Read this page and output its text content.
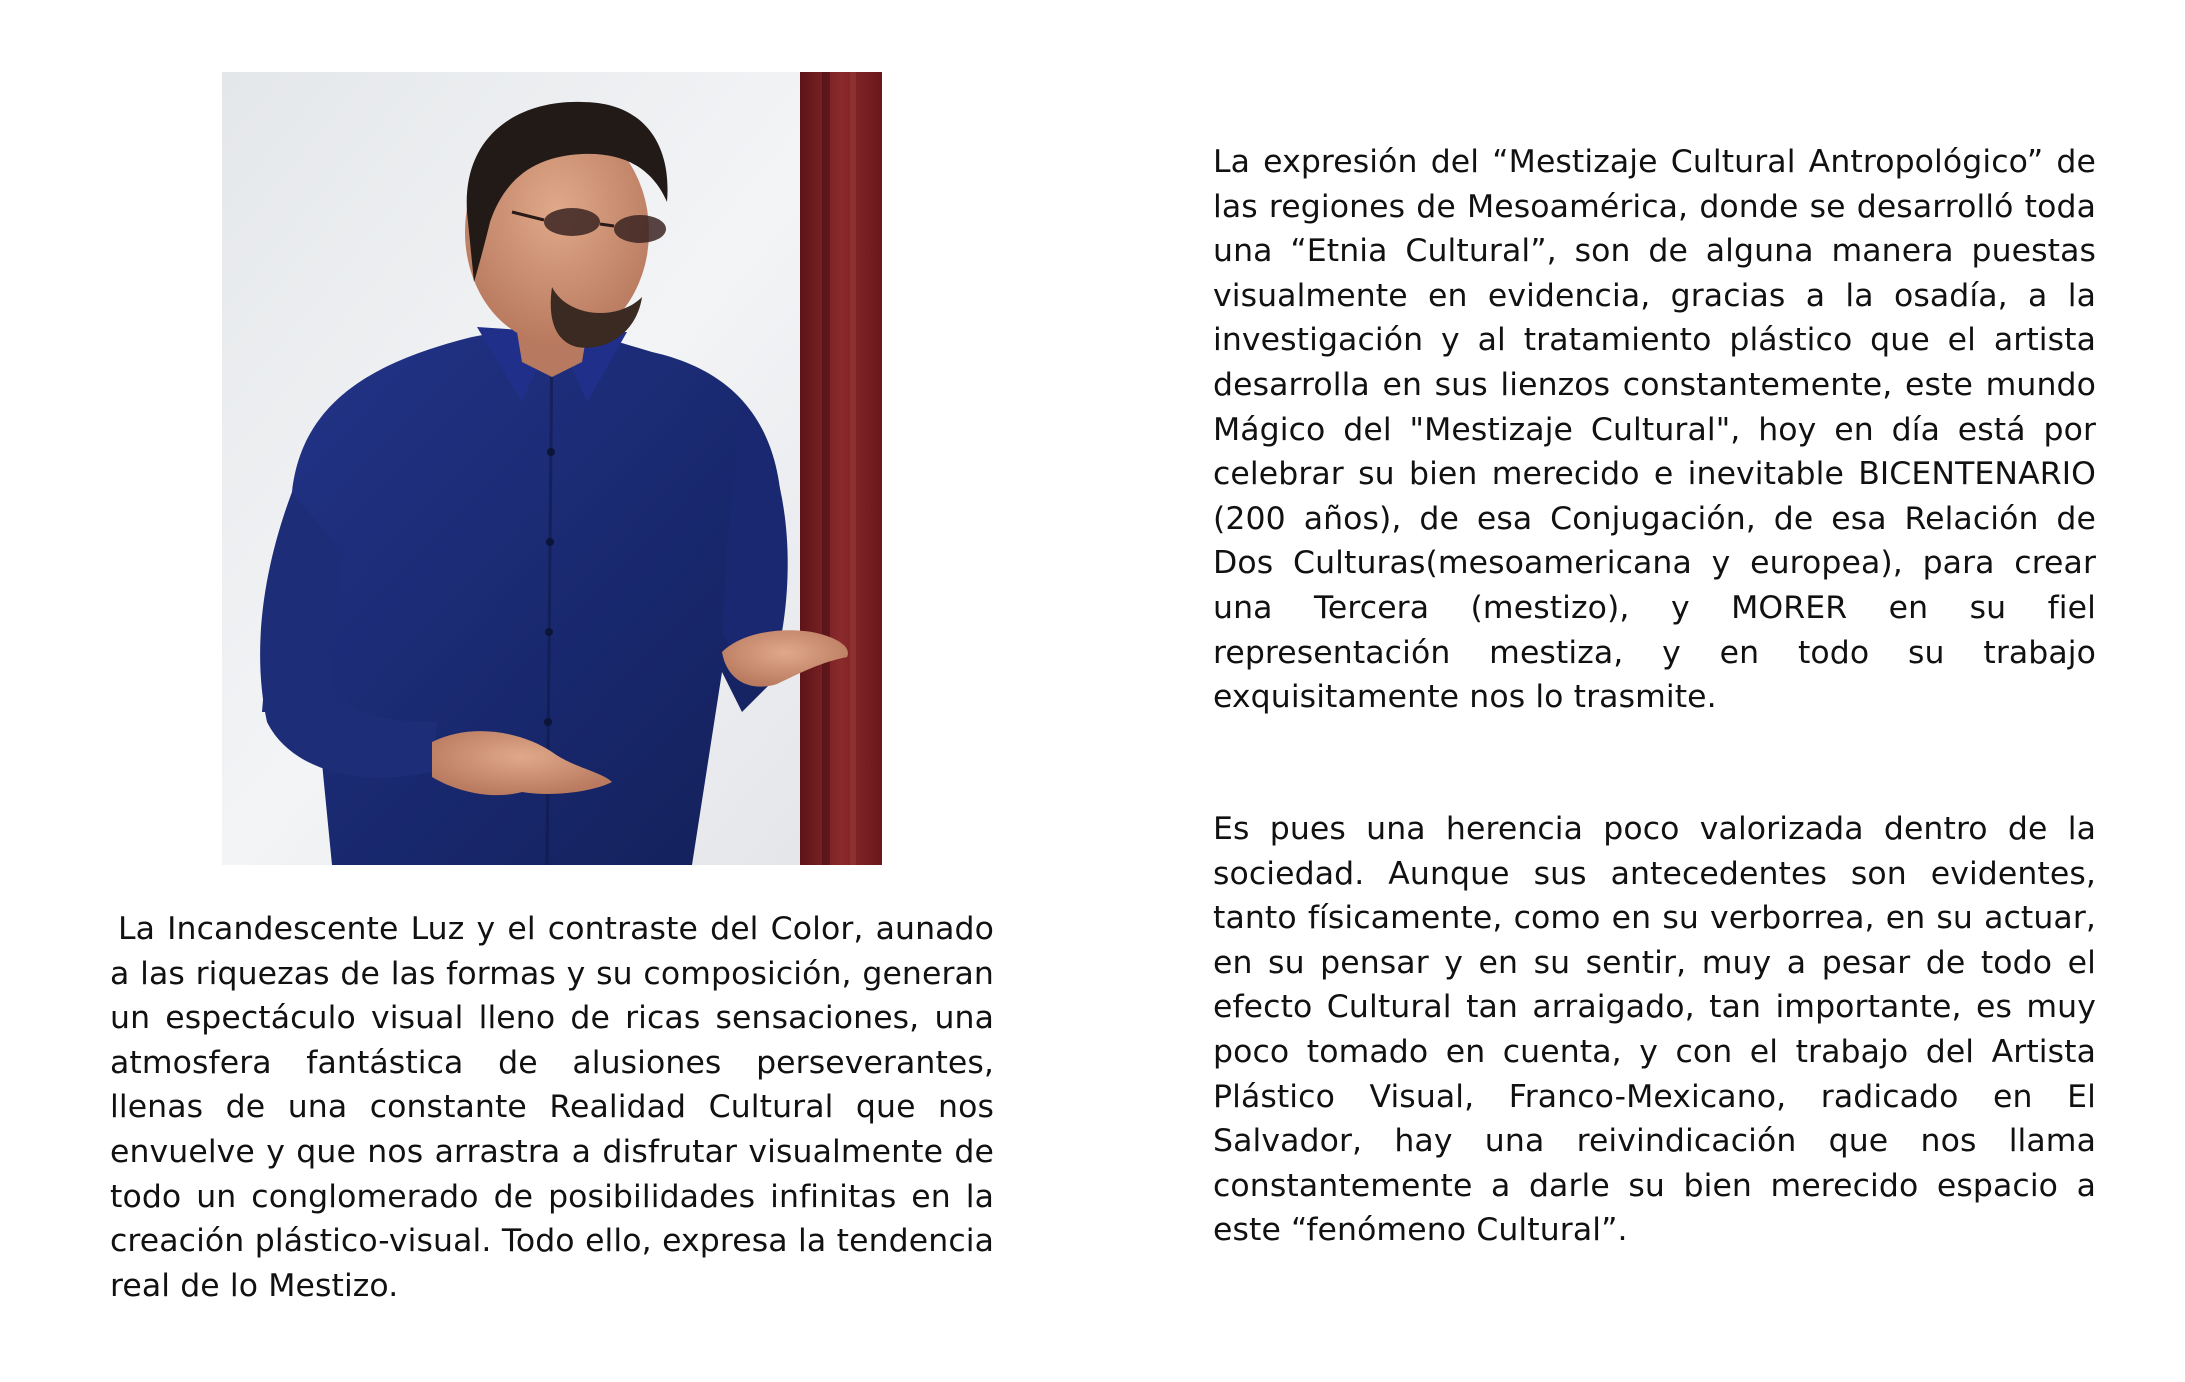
La Incandescente Luz y el contraste del Color, aunado a las riquezas de las formas y su composición, generan un espectáculo visual lleno de ricas sensaciones, una atmosfera fantástica de alusiones perseverantes, llenas de una constante Realidad Cultural que nos envuelve y que nos arrastra a disfrutar visualmente de todo un conglomerado de posibilidades infinitas en la creación plástico-visual. Todo ello, expresa la tendencia real de lo Mestizo.

La expresión del “Mestizaje Cultural Antropológico” de las regiones de Mesoamérica, donde se desarrolló toda una “Etnia Cultural”, son de alguna manera puestas visualmente en evidencia, gracias a la osadía, a la investigación y al tratamiento plástico que el artista desarrolla en sus lienzos constantemente, este mundo Mágico del "Mestizaje Cultural", hoy en día está por celebrar su bien merecido e inevitable BICENTENARIO (200 años), de esa Conjugación, de esa Relación de Dos Culturas(mesoamericana y europea), para crear una Tercera (mestizo), y MORER en su fiel representación mestiza, y en todo su trabajo exquisitamente nos lo trasmite.

Es pues una herencia poco valorizada dentro de la sociedad. Aunque sus antecedentes son evidentes, tanto físicamente, como en su verborrea, en su actuar, en su pensar y en su sentir, muy a pesar de todo el efecto Cultural tan arraigado, tan importante, es muy poco tomado en cuenta, y con el trabajo del Artista Plástico Visual, Franco-Mexicano, radicado en El Salvador, hay una reivindicación que nos llama constantemente a darle su bien merecido espacio a este “fenómeno Cultural”.
